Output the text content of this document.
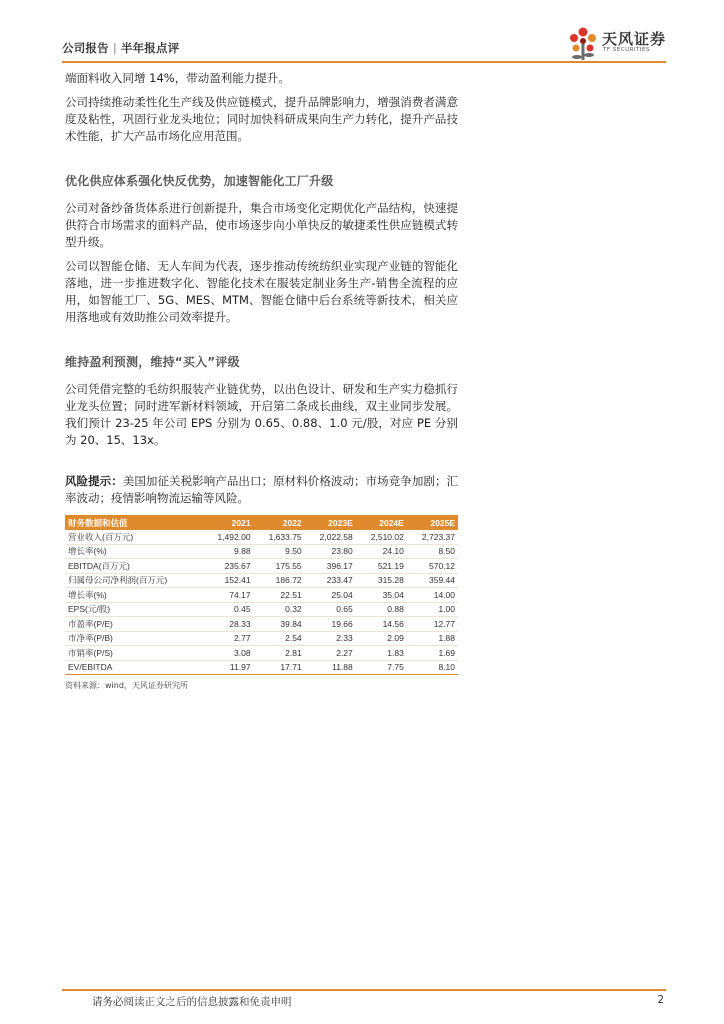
公司报告 | 半年报点评	天风证券
TF SECURITIES

端面料收入同增 14%，带动盈利能力提升。

公司持续推动柔性化生产线及供应链模式，提升品牌影响力，增强消费者满意度及粘性，巩固行业龙头地位；同时加快科研成果向生产力转化，提升产品技术性能，扩大产品市场化应用范围。

优化供应体系强化快反优势，加速智能化工厂升级

公司对备纱备货体系进行创新提升，集合市场变化定期优化产品结构，快速提供符合市场需求的面料产品，使市场逐步向小单快反的敏捷柔性供应链模式转型升级。

公司以智能仓储、无人车间为代表，逐步推动传统纺织业实现产业链的智能化落地，进一步推进数字化、智能化技术在服装定制业务生产-销售全流程的应用，如智能工厂、5G、MES、MTM、智能仓储中后台系统等新技术，相关应用落地或有效助推公司效率提升。

维持盈利预测，维持“买入”评级

公司凭借完整的毛纺织服装产业链优势，以出色设计、研发和生产实力稳抓行业龙头位置；同时进军新材料领域，开启第二条成长曲线，双主业同步发展。我们预计 23-25 年公司 EPS 分别为 0.65、0.88、1.0 元/股，对应 PE 分别为 20、15、13x。

风险提示：美国加征关税影响产品出口；原材料价格波动；市场竞争加剧；汇率波动；疫情影响物流运输等风险。

财务数据和估值	2021	2022	2023E	2024E	2025E
营业收入(百万元)	1,492.00	1,633.75	2,022.58	2,510.02	2,723.37
增长率(%)	9.88	9.50	23.80	24.10	8.50
EBITDA(百万元)	235.67	175.55	396.17	521.19	570.12
归属母公司净利润(百万元)	152.41	186.72	233.47	315.28	359.44
增长率(%)	74.17	22.51	25.04	35.04	14.00
EPS(元/股)	0.45	0.32	0.65	0.88	1.00
市盈率(P/E)	28.33	39.84	19.66	14.56	12.77
市净率(P/B)	2.77	2.54	2.33	2.09	1.88
市销率(P/S)	3.08	2.81	2.27	1.83	1.69
EV/EBITDA	11.97	17.71	11.88	7.75	8.10
资料来源：wind，天风证券研究所
请务必阅读正文之后的信息披露和免责申明	2
